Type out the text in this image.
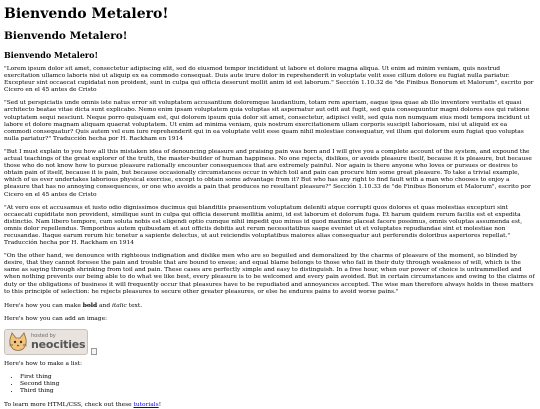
Bienvendo Metalero!
Bienvendo Metalero!
Bienvendo Metalero!

"Lorem ipsum dolor sit amet, consectetur adipiscing elit, sed do eiusmod tempor incididunt ut labore et dolore magna aliqua. Ut enim ad minim veniam, quis nostrud exercitation ullamco laboris nisi ut aliquip ex ea commodo consequat. Duis aute irure dolor in reprehenderit in voluptate velit esse cillum dolore eu fugiat nulla pariatur. Excepteur sint occaecat cupidatat non proident, sunt in culpa qui officia deserunt mollit anim id est laborum." Sección 1.10.32 de "de Finibus Bonorum et Malorum", escrito por Cicero en el 45 antes de Cristo

"Sed ut perspiciatis unde omnis iste natus error sit voluptatem accusantium doloremque laudantium, totam rem aperiam, eaque ipsa quae ab illo inventore veritatis et quasi architecto beatae vitae dicta sunt explicabo. Nemo enim ipsam voluptatem quia voluptas sit aspernatur aut odit aut fugit, sed quia consequuntur magni dolores eos qui ratione voluptatem sequi nesciunt. Neque porro quisquam est, qui dolorem ipsum quia dolor sit amet, consectetur, adipisci velit, sed quia non numquam eius modi tempora incidunt ut labore et dolore magnam aliquam quaerat voluptatem. Ut enim ad minima veniam, quis nostrum exercitationem ullam corporis suscipit laboriosam, nisi ut aliquid ex ea commodi consequatur? Quis autem vel eum iure reprehenderit qui in ea voluptate velit esse quam nihil molestiae consequatur, vel illum qui dolorem eum fugiat quo voluptas nulla pariatur?" Traducción hecha por H. Rackham en 1914

"But I must explain to you how all this mistaken idea of denouncing pleasure and praising pain was born and I will give you a complete account of the system, and expound the actual teachings of the great explorer of the truth, the master-builder of human happiness. No one rejects, dislikes, or avoids pleasure itself, because it is pleasure, but because those who do not know how to pursue pleasure rationally encounter consequences that are extremely painful. Nor again is there anyone who loves or pursues or desires to obtain pain of itself, because it is pain, but because occasionally circumstances occur in which toil and pain can procure him some great pleasure. To take a trivial example, which of us ever undertakes laborious physical exercise, except to obtain some advantage from it? But who has any right to find fault with a man who chooses to enjoy a pleasure that has no annoying consequences, or one who avoids a pain that produces no resultant pleasure?" Sección 1.10.33 de "de Finibus Bonorum et Malorum", escrito por Cicero en el 45 antes de Cristo

"At vero eos et accusamus et iusto odio dignissimos ducimus qui blanditiis praesentium voluptatum deleniti atque corrupti quos dolores et quas molestias excepturi sint occaecati cupiditate non provident, similique sunt in culpa qui officia deserunt mollitia animi, id est laborum et dolorum fuga. Et harum quidem rerum facilis est et expedita distinctio. Nam libero tempore, cum soluta nobis est eligendi optio cumque nihil impedit quo minus id quod maxime placeat facere possimus, omnis voluptas assumenda est, omnis dolor repellendus. Temporibus autem quibusdam et aut officiis debitis aut rerum necessitatibus saepe eveniet ut et voluptates repudiandae sint et molestiae non recusandae. Itaque earum rerum hic tenetur a sapiente delectus, ut aut reiciendis voluptatibus maiores alias consequatur aut perferendis doloribus asperiores repellat." Traducción hecha por H. Rackham en 1914

"On the other hand, we denounce with righteous indignation and dislike men who are so beguiled and demoralized by the charms of pleasure of the moment, so blinded by desire, that they cannot foresee the pain and trouble that are bound to ensue; and equal blame belongs to those who fail in their duty through weakness of will, which is the same as saying through shrinking from toil and pain. These cases are perfectly simple and easy to distinguish. In a free hour, when our power of choice is untrammelled and when nothing prevents our being able to do what we like best, every pleasure is to be welcomed and every pain avoided. But in certain circumstances and owing to the claims of duty or the obligations of business it will frequently occur that pleasures have to be repudiated and annoyances accepted. The wise man therefore always holds in these matters to this principle of selection: he rejects pleasures to secure other greater pleasures, or else he endures pains to avoid worse pains."

Here's how you can make bold and italic text.

Here's how you can add an image:

hosted by
neocities

Here's how to make a list:

• First thing
• Second thing
• Third thing

To learn more HTML/CSS, check out these tutorials!
